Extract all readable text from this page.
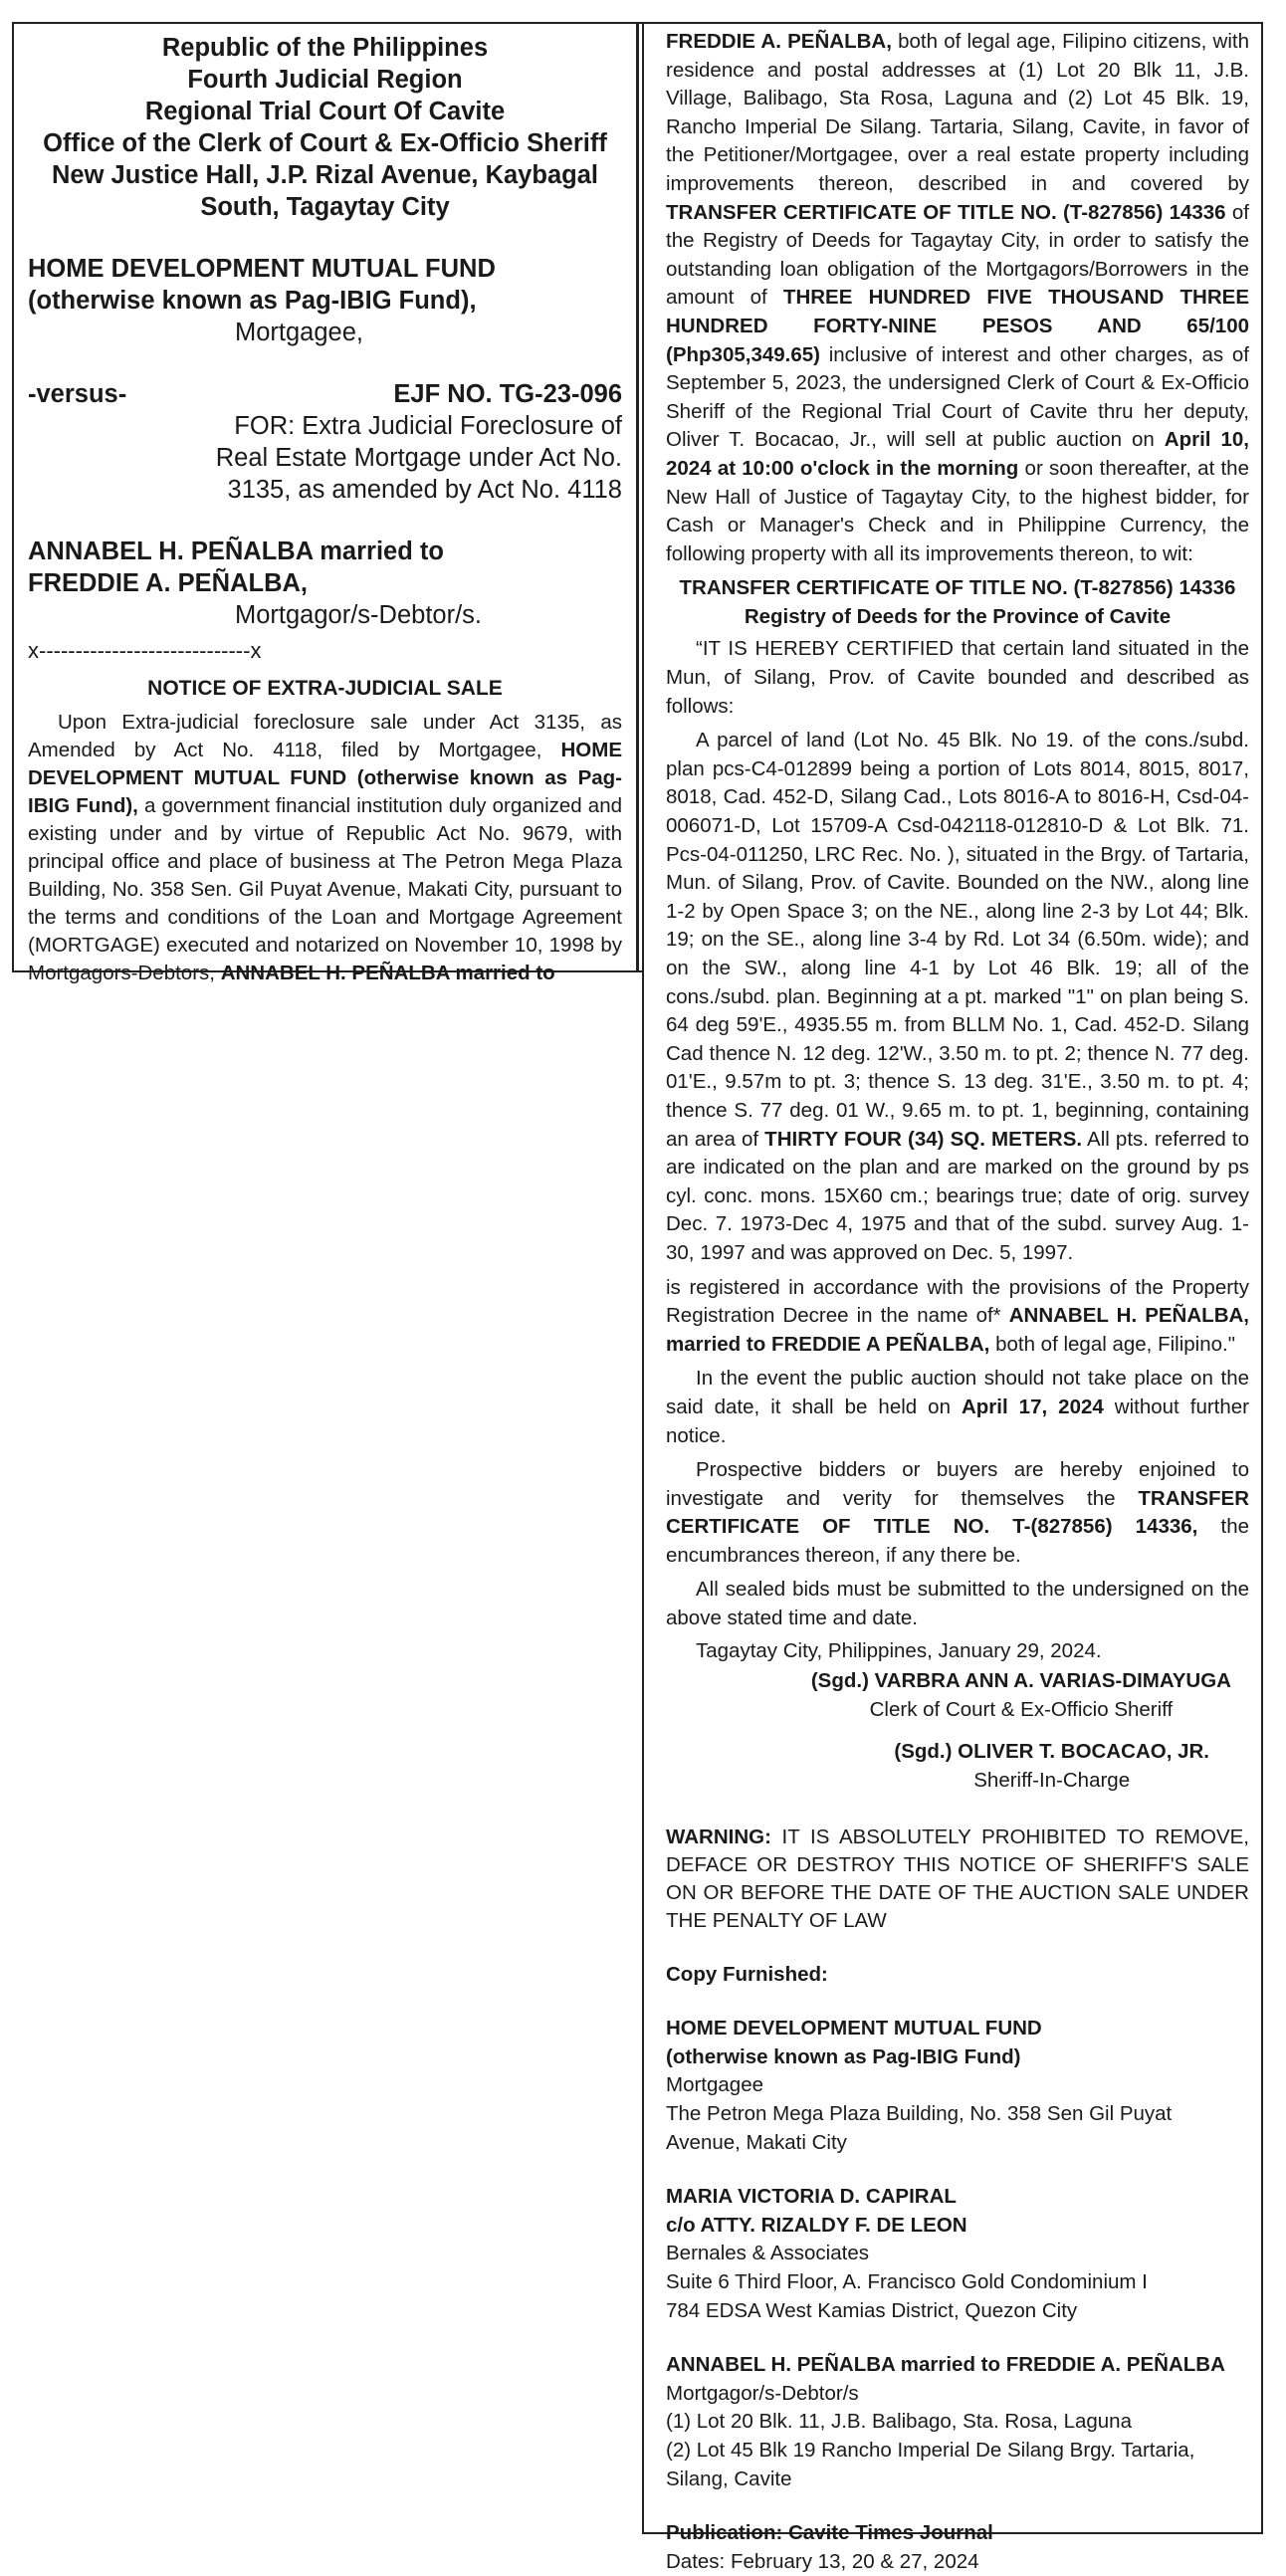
Republic of the Philippines
Fourth Judicial Region
Regional Trial Court Of Cavite
Office of the Clerk of Court & Ex-Officio Sheriff
New Justice Hall, J.P. Rizal Avenue, Kaybagal
South, Tagaytay City
HOME DEVELOPMENT MUTUAL FUND
(otherwise known as Pag-IBIG Fund),
Mortgagee,
-versus-	EJF NO. TG-23-096
FOR: Extra Judicial Foreclosure of
Real Estate Mortgage under Act No.
3135, as amended by Act No. 4118
ANNABEL H. PEÑALBA married to
FREDDIE A. PEÑALBA,
Mortgagor/s-Debtor/s.
x-----------------------------x
NOTICE OF EXTRA-JUDICIAL SALE

Upon Extra-judicial foreclosure sale under Act 3135, as Amended by Act No. 4118, filed by Mortgagee, HOME DEVELOPMENT MUTUAL FUND (otherwise known as Pag-IBIG Fund), a government financial institution duly organized and existing under and by virtue of Republic Act No. 9679, with principal office and place of business at The Petron Mega Plaza Building, No. 358 Sen. Gil Puyat Avenue, Makati City, pursuant to the terms and conditions of the Loan and Mortgage Agreement (MORTGAGE) executed and notarized on November 10, 1998 by Mortgagors-Debtors, ANNABEL H. PEÑALBA married to

FREDDIE A. PEÑALBA, both of legal age, Filipino citizens, with residence and postal addresses at (1) Lot 20 Blk 11, J.B. Village, Balibago, Sta Rosa, Laguna and (2) Lot 45 Blk. 19, Rancho Imperial De Silang. Tartaria, Silang, Cavite, in favor of the Petitioner/Mortgagee, over a real estate property including improvements thereon, described in and covered by TRANSFER CERTIFICATE OF TITLE NO. (T-827856) 14336 of the Registry of Deeds for Tagaytay City, in order to satisfy the outstanding loan obligation of the Mortgagors/Borrowers in the amount of THREE HUNDRED FIVE THOUSAND THREE HUNDRED FORTY-NINE PESOS AND 65/100 (Php305,349.65) inclusive of interest and other charges, as of September 5, 2023, the undersigned Clerk of Court & Ex-Officio Sheriff of the Regional Trial Court of Cavite thru her deputy, Oliver T. Bocacao, Jr., will sell at public auction on April 10, 2024 at 10:00 o'clock in the morning or soon thereafter, at the New Hall of Justice of Tagaytay City, to the highest bidder, for Cash or Manager's Check and in Philippine Currency, the following property with all its improvements thereon, to wit:

TRANSFER CERTIFICATE OF TITLE NO. (T-827856) 14336
Registry of Deeds for the Province of Cavite

“IT IS HEREBY CERTIFIED that certain land situated in the Mun, of Silang, Prov. of Cavite bounded and described as follows:

A parcel of land (Lot No. 45 Blk. No 19. of the cons./subd. plan pcs-C4-012899 being a portion of Lots 8014, 8015, 8017, 8018, Cad. 452-D, Silang Cad., Lots 8016-A to 8016-H, Csd-04-006071-D, Lot 15709-A Csd-042118-012810-D & Lot Blk. 71. Pcs-04-011250, LRC Rec. No. ), situated in the Brgy. of Tartaria, Mun. of Silang, Prov. of Cavite. Bounded on the NW., along line 1-2 by Open Space 3; on the NE., along line 2-3 by Lot 44; Blk. 19; on the SE., along line 3-4 by Rd. Lot 34 (6.50m. wide); and on the SW., along line 4-1 by Lot 46 Blk. 19; all of the cons./subd. plan. Beginning at a pt. marked "1" on plan being S. 64 deg 59'E., 4935.55 m. from BLLM No. 1, Cad. 452-D. Silang Cad thence N. 12 deg. 12'W., 3.50 m. to pt. 2; thence N. 77 deg. 01'E., 9.57m to pt. 3; thence S. 13 deg. 31'E., 3.50 m. to pt. 4; thence S. 77 deg. 01 W., 9.65 m. to pt. 1, beginning, containing an area of THIRTY FOUR (34) SQ. METERS. All pts. referred to are indicated on the plan and are marked on the ground by ps cyl. conc. mons. 15X60 cm.; bearings true; date of orig. survey Dec. 7. 1973-Dec 4, 1975 and that of the subd. survey Aug. 1-30, 1997 and was approved on Dec. 5, 1997.

is registered in accordance with the provisions of the Property Registration Decree in the name of* ANNABEL H. PEÑALBA, married to FREDDIE A PEÑALBA, both of legal age, Filipino."

In the event the public auction should not take place on the said date, it shall be held on April 17, 2024 without further notice.

Prospective bidders or buyers are hereby enjoined to investigate and verity for themselves the TRANSFER CERTIFICATE OF TITLE NO. T-(827856) 14336, the encumbrances thereon, if any there be.

All sealed bids must be submitted to the undersigned on the above stated time and date.

Tagaytay City, Philippines, January 29, 2024.

(Sgd.) VARBRA ANN A. VARIAS-DIMAYUGA
Clerk of Court & Ex-Officio Sheriff
(Sgd.) OLIVER T. BOCACAO, JR.
Sheriff-In-Charge

WARNING: IT IS ABSOLUTELY PROHIBITED TO REMOVE, DEFACE OR DESTROY THIS NOTICE OF SHERIFF'S SALE ON OR BEFORE THE DATE OF THE AUCTION SALE UNDER THE PENALTY OF LAW

Copy Furnished:
HOME DEVELOPMENT MUTUAL FUND
(otherwise known as Pag-IBIG Fund)
Mortgagee
The Petron Mega Plaza Building, No. 358 Sen Gil Puyat Avenue, Makati City
MARIA VICTORIA D. CAPIRAL
c/o ATTY. RIZALDY F. DE LEON
Bernales & Associates
Suite 6 Third Floor, A. Francisco Gold Condominium I
784 EDSA West Kamias District, Quezon City
ANNABEL H. PEÑALBA married to FREDDIE A. PEÑALBA
Mortgagor/s-Debtor/s
(1) Lot 20 Blk. 11, J.B. Balibago, Sta. Rosa, Laguna
(2) Lot 45 Blk 19 Rancho Imperial De Silang Brgy. Tartaria, Silang, Cavite
Publication: Cavite Times Journal
Dates: February 13, 20 & 27, 2024
